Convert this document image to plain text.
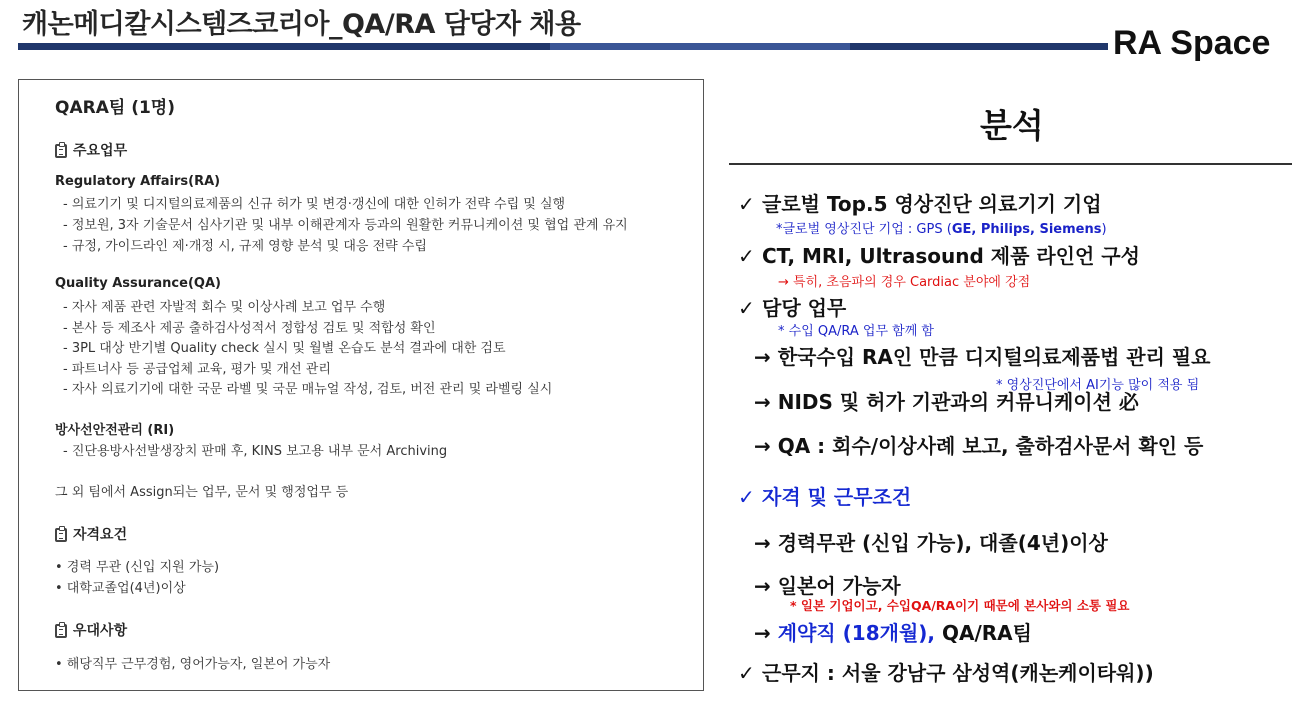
캐논메디칼시스템즈코리아_QA/RA 담당자 채용	RA Space
QARA팀 (1명)
주요업무
Regulatory Affairs(RA)
- 의료기기 및 디지털의료제품의 신규 허가 및 변경·갱신에 대한 인허가 전략 수립 및 실행
- 정보원, 3자 기술문서 심사기관 및 내부 이해관계자 등과의 원활한 커뮤니케이션 및 협업 관계 유지
- 규정, 가이드라인 제·개정 시, 규제 영향 분석 및 대응 전략 수립
Quality Assurance(QA)
- 자사 제품 관련 자발적 회수 및 이상사례 보고 업무 수행
- 본사 등 제조사 제공 출하검사성적서 정합성 검토 및 적합성 확인
- 3PL 대상 반기별 Quality check 실시 및 월별 온습도 분석 결과에 대한 검토
- 파트너사 등 공급업체 교육, 평가 및 개선 관리
- 자사 의료기기에 대한 국문 라벨 및 국문 매뉴얼 작성, 검토, 버전 관리 및 라벨링 실시
방사선안전관리 (RI)
- 진단용방사선발생장치 판매 후, KINS 보고용 내부 문서 Archiving
그 외 팀에서 Assign되는 업무, 문서 및 행정업무 등
자격요건
• 경력 무관 (신입 지원 가능)
• 대학교졸업(4년)이상
우대사항
• 해당직무 근무경험, 영어가능자, 일본어 가능자
분석
✓ 글로벌 Top.5 영상진단 의료기기 기업
*글로벌 영상진단 기업 : GPS (GE, Philips, Siemens)
✓ CT, MRI, Ultrasound 제품 라인언 구성
→ 특히, 초음파의 경우 Cardiac 분야에 강점
✓ 담당 업무
* 수입 QA/RA 업무 함께 함
→ 한국수입 RA인 만큼 디지털의료제품법 관리 필요
* 영상진단에서 AI기능 많이 적용 됨
→ NIDS 및 허가 기관과의 커뮤니케이션 必
→ QA : 회수/이상사례 보고, 출하검사문서 확인 등
✓ 자격 및 근무조건
→ 경력무관 (신입 가능), 대졸(4년)이상
→ 일본어 가능자
* 일본 기업이고, 수입QA/RA이기 때문에 본사와의 소통 필요
→ 계약직 (18개월), QA/RA팀
✓ 근무지 : 서울 강남구 삼성역(캐논케이타워))
